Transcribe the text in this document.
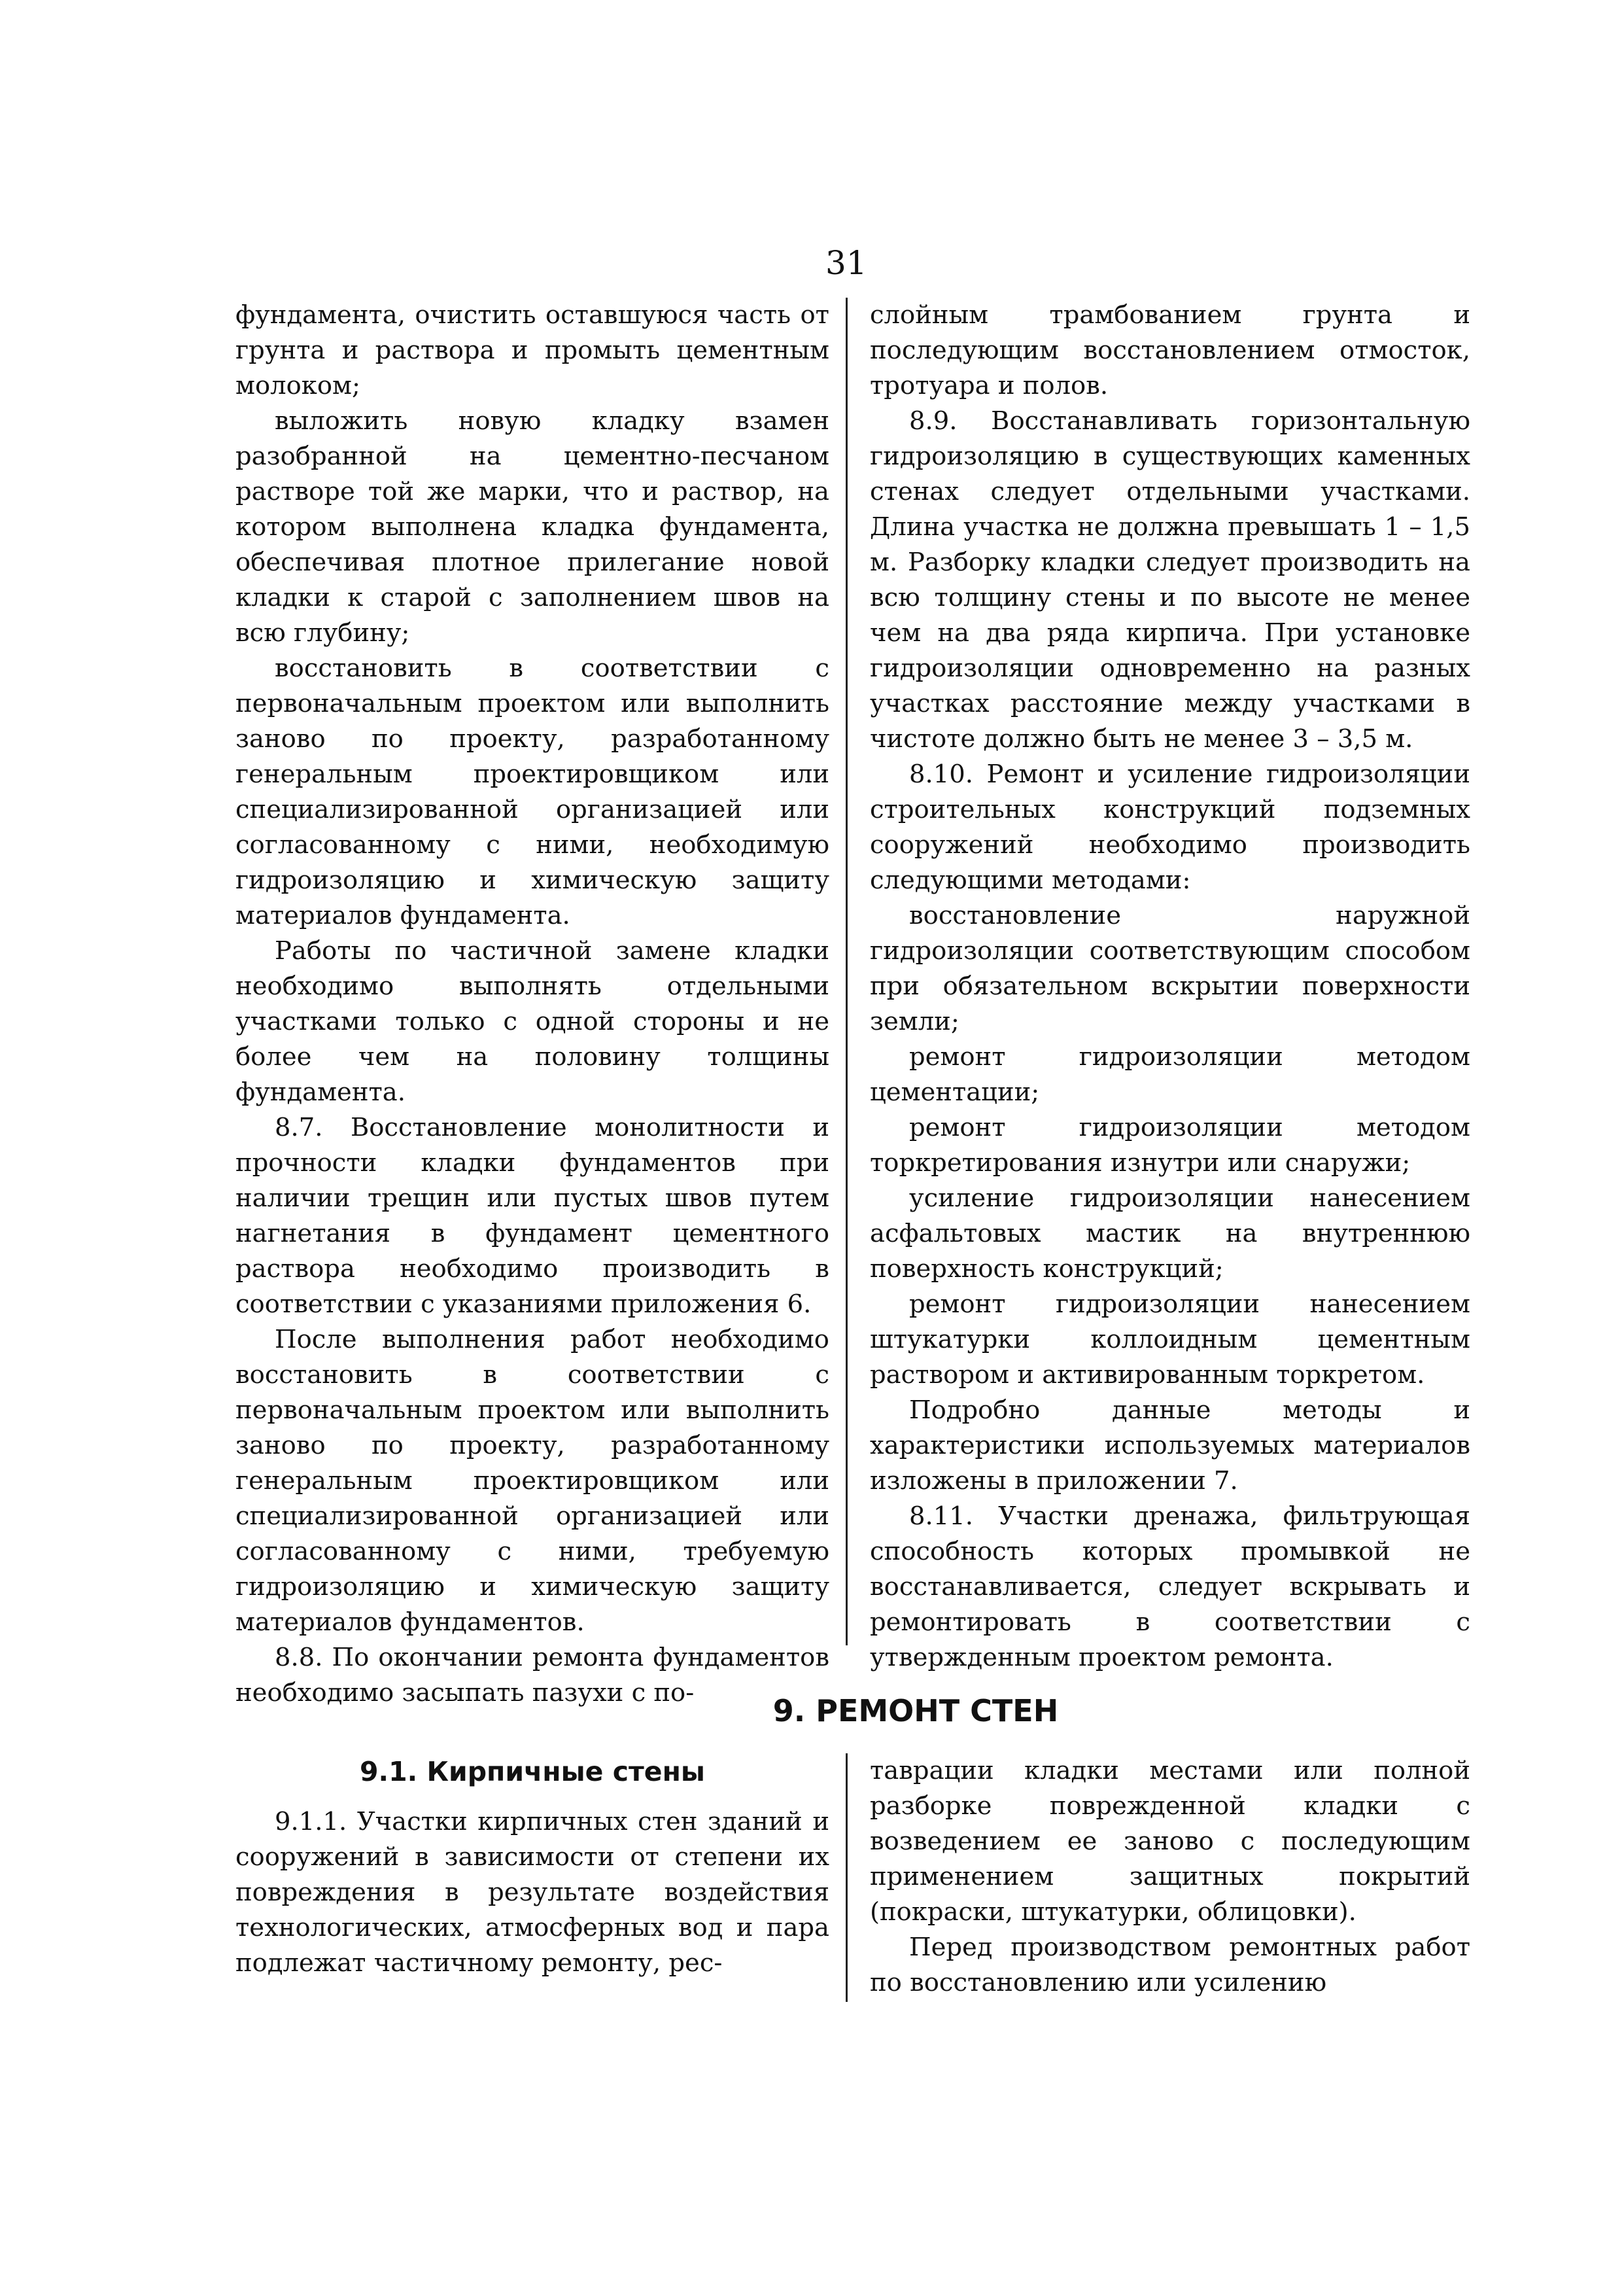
31

фундамента, очистить оставшуюся часть от грунта и раствора и промыть цементным молоком;

выложить новую кладку взамен разобранной на цементно-песчаном растворе той же марки, что и раствор, на котором выполнена кладка фундамента, обеспечивая плотное прилегание новой кладки к старой с заполнением швов на всю глубину;

восстановить в соответствии с первоначальным проектом или выполнить заново по проекту, разработанному генеральным проектировщиком или специализированной организацией или согласованному с ними, необходимую гидроизоляцию и химическую защиту материалов фундамента.

Работы по частичной замене кладки необходимо выполнять отдельными участками только с одной стороны и не более чем на половину толщины фундамента.

8.7. Восстановление монолитности и прочности кладки фундаментов при наличии трещин или пустых швов путем нагнетания в фундамент цементного раствора необходимо производить в соответствии с указаниями приложения 6.

После выполнения работ необходимо восстановить в соответствии с первоначальным проектом или выполнить заново по проекту, разработанному генеральным проектировщиком или специализированной организацией или согласованному с ними, требуемую гидроизоляцию и химическую защиту материалов фундаментов.

8.8. По окончании ремонта фундаментов необходимо засыпать пазухи с по-

слойным трамбованием грунта и последующим восстановлением отмосток, тротуара и полов.

8.9. Восстанавливать горизонтальную гидроизоляцию в существующих каменных стенах следует отдельными участками. Длина участка не должна превышать 1 – 1,5 м. Разборку кладки следует производить на всю толщину стены и по высоте не менее чем на два ряда кирпича. При установке гидроизоляции одновременно на разных участках расстояние между участками в чистоте должно быть не менее 3 – 3,5 м.

8.10. Ремонт и усиление гидроизоляции строительных конструкций подземных сооружений необходимо производить следующими методами:

восстановление наружной гидроизоляции соответствующим способом при обязательном вскрытии поверхности земли;

ремонт гидроизоляции методом цементации;

ремонт гидроизоляции методом торкретирования изнутри или снаружи;

усиление гидроизоляции нанесением асфальтовых мастик на внутреннюю поверхность конструкций;

ремонт гидроизоляции нанесением штукатурки коллоидным цементным раствором и активированным торкретом.

Подробно данные методы и характеристики используемых материалов изложены в приложении 7.

8.11. Участки дренажа, фильтрующая способность которых промывкой не восстанавливается, следует вскрывать и ремонтировать в соответствии с утвержденным проектом ремонта.

9. РЕМОНТ СТЕН
9.1. Кирпичные стены

9.1.1. Участки кирпичных стен зданий и сооружений в зависимости от степени их повреждения в результате воздействия технологических, атмосферных вод и пара подлежат частичному ремонту, рес-

таврации кладки местами или полной разборке поврежденной кладки с возведением ее заново с последующим применением защитных покрытий (покраски, штукатурки, облицовки).

Перед производством ремонтных работ по восстановлению или усилению
